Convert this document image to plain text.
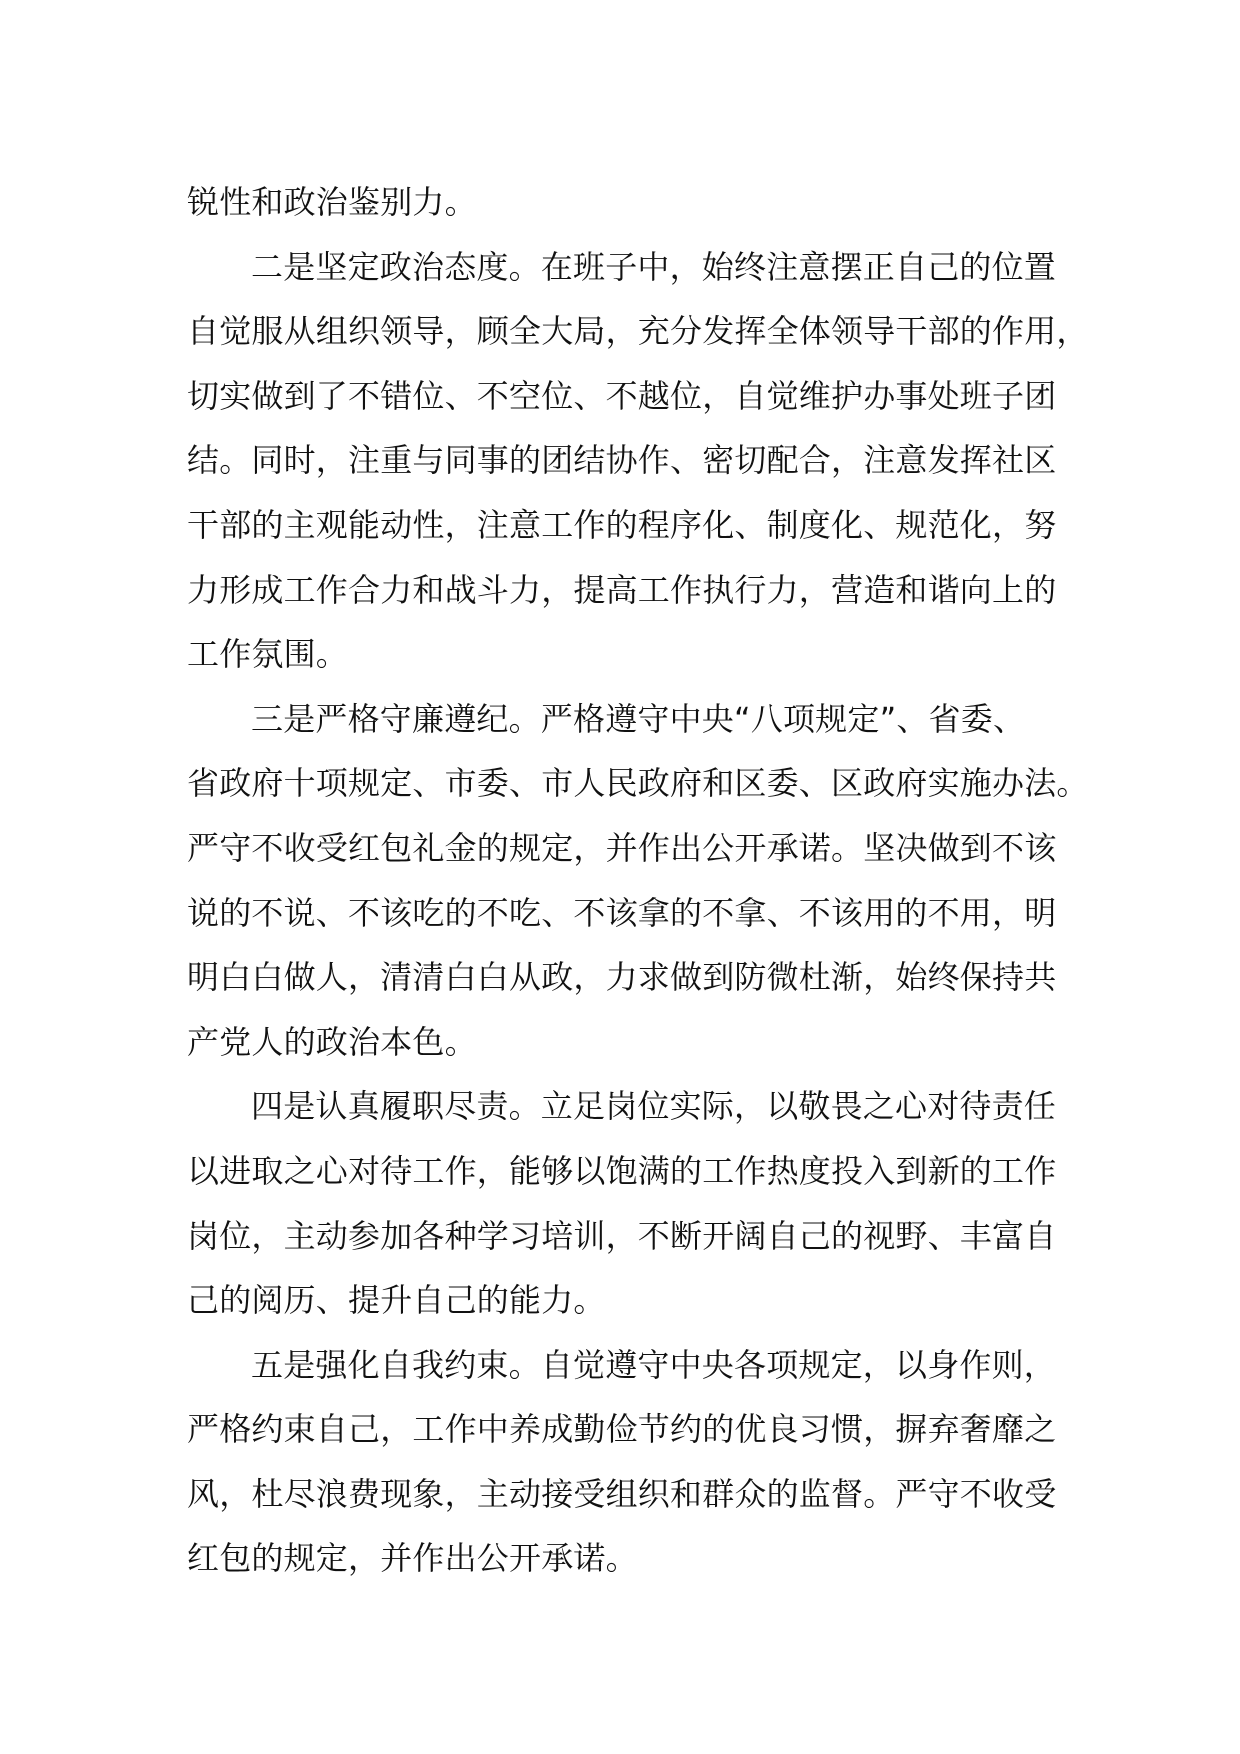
锐性和政治鉴别力。
二是坚定政治态度。在班子中，始终注意摆正自己的位置
自觉服从组织领导，顾全大局，充分发挥全体领导干部的作用，
切实做到了不错位、不空位、不越位，自觉维护办事处班子团
结。同时，注重与同事的团结协作、密切配合，注意发挥社区
干部的主观能动性，注意工作的程序化、制度化、规范化，努
力形成工作合力和战斗力，提高工作执行力，营造和谐向上的
工作氛围。
三是严格守廉遵纪。严格遵守中央“八项规定”、省委、
省政府十项规定、市委、市人民政府和区委、区政府实施办法。
严守不收受红包礼金的规定，并作出公开承诺。坚决做到不该
说的不说、不该吃的不吃、不该拿的不拿、不该用的不用，明
明白白做人，清清白白从政，力求做到防微杜渐，始终保持共
产党人的政治本色。
四是认真履职尽责。立足岗位实际，以敬畏之心对待责任
以进取之心对待工作，能够以饱满的工作热度投入到新的工作
岗位，主动参加各种学习培训，不断开阔自己的视野、丰富自
己的阅历、提升自己的能力。
五是强化自我约束。自觉遵守中央各项规定，以身作则，
严格约束自己，工作中养成勤俭节约的优良习惯，摒弃奢靡之
风，杜尽浪费现象，主动接受组织和群众的监督。严守不收受
红包的规定，并作出公开承诺。
